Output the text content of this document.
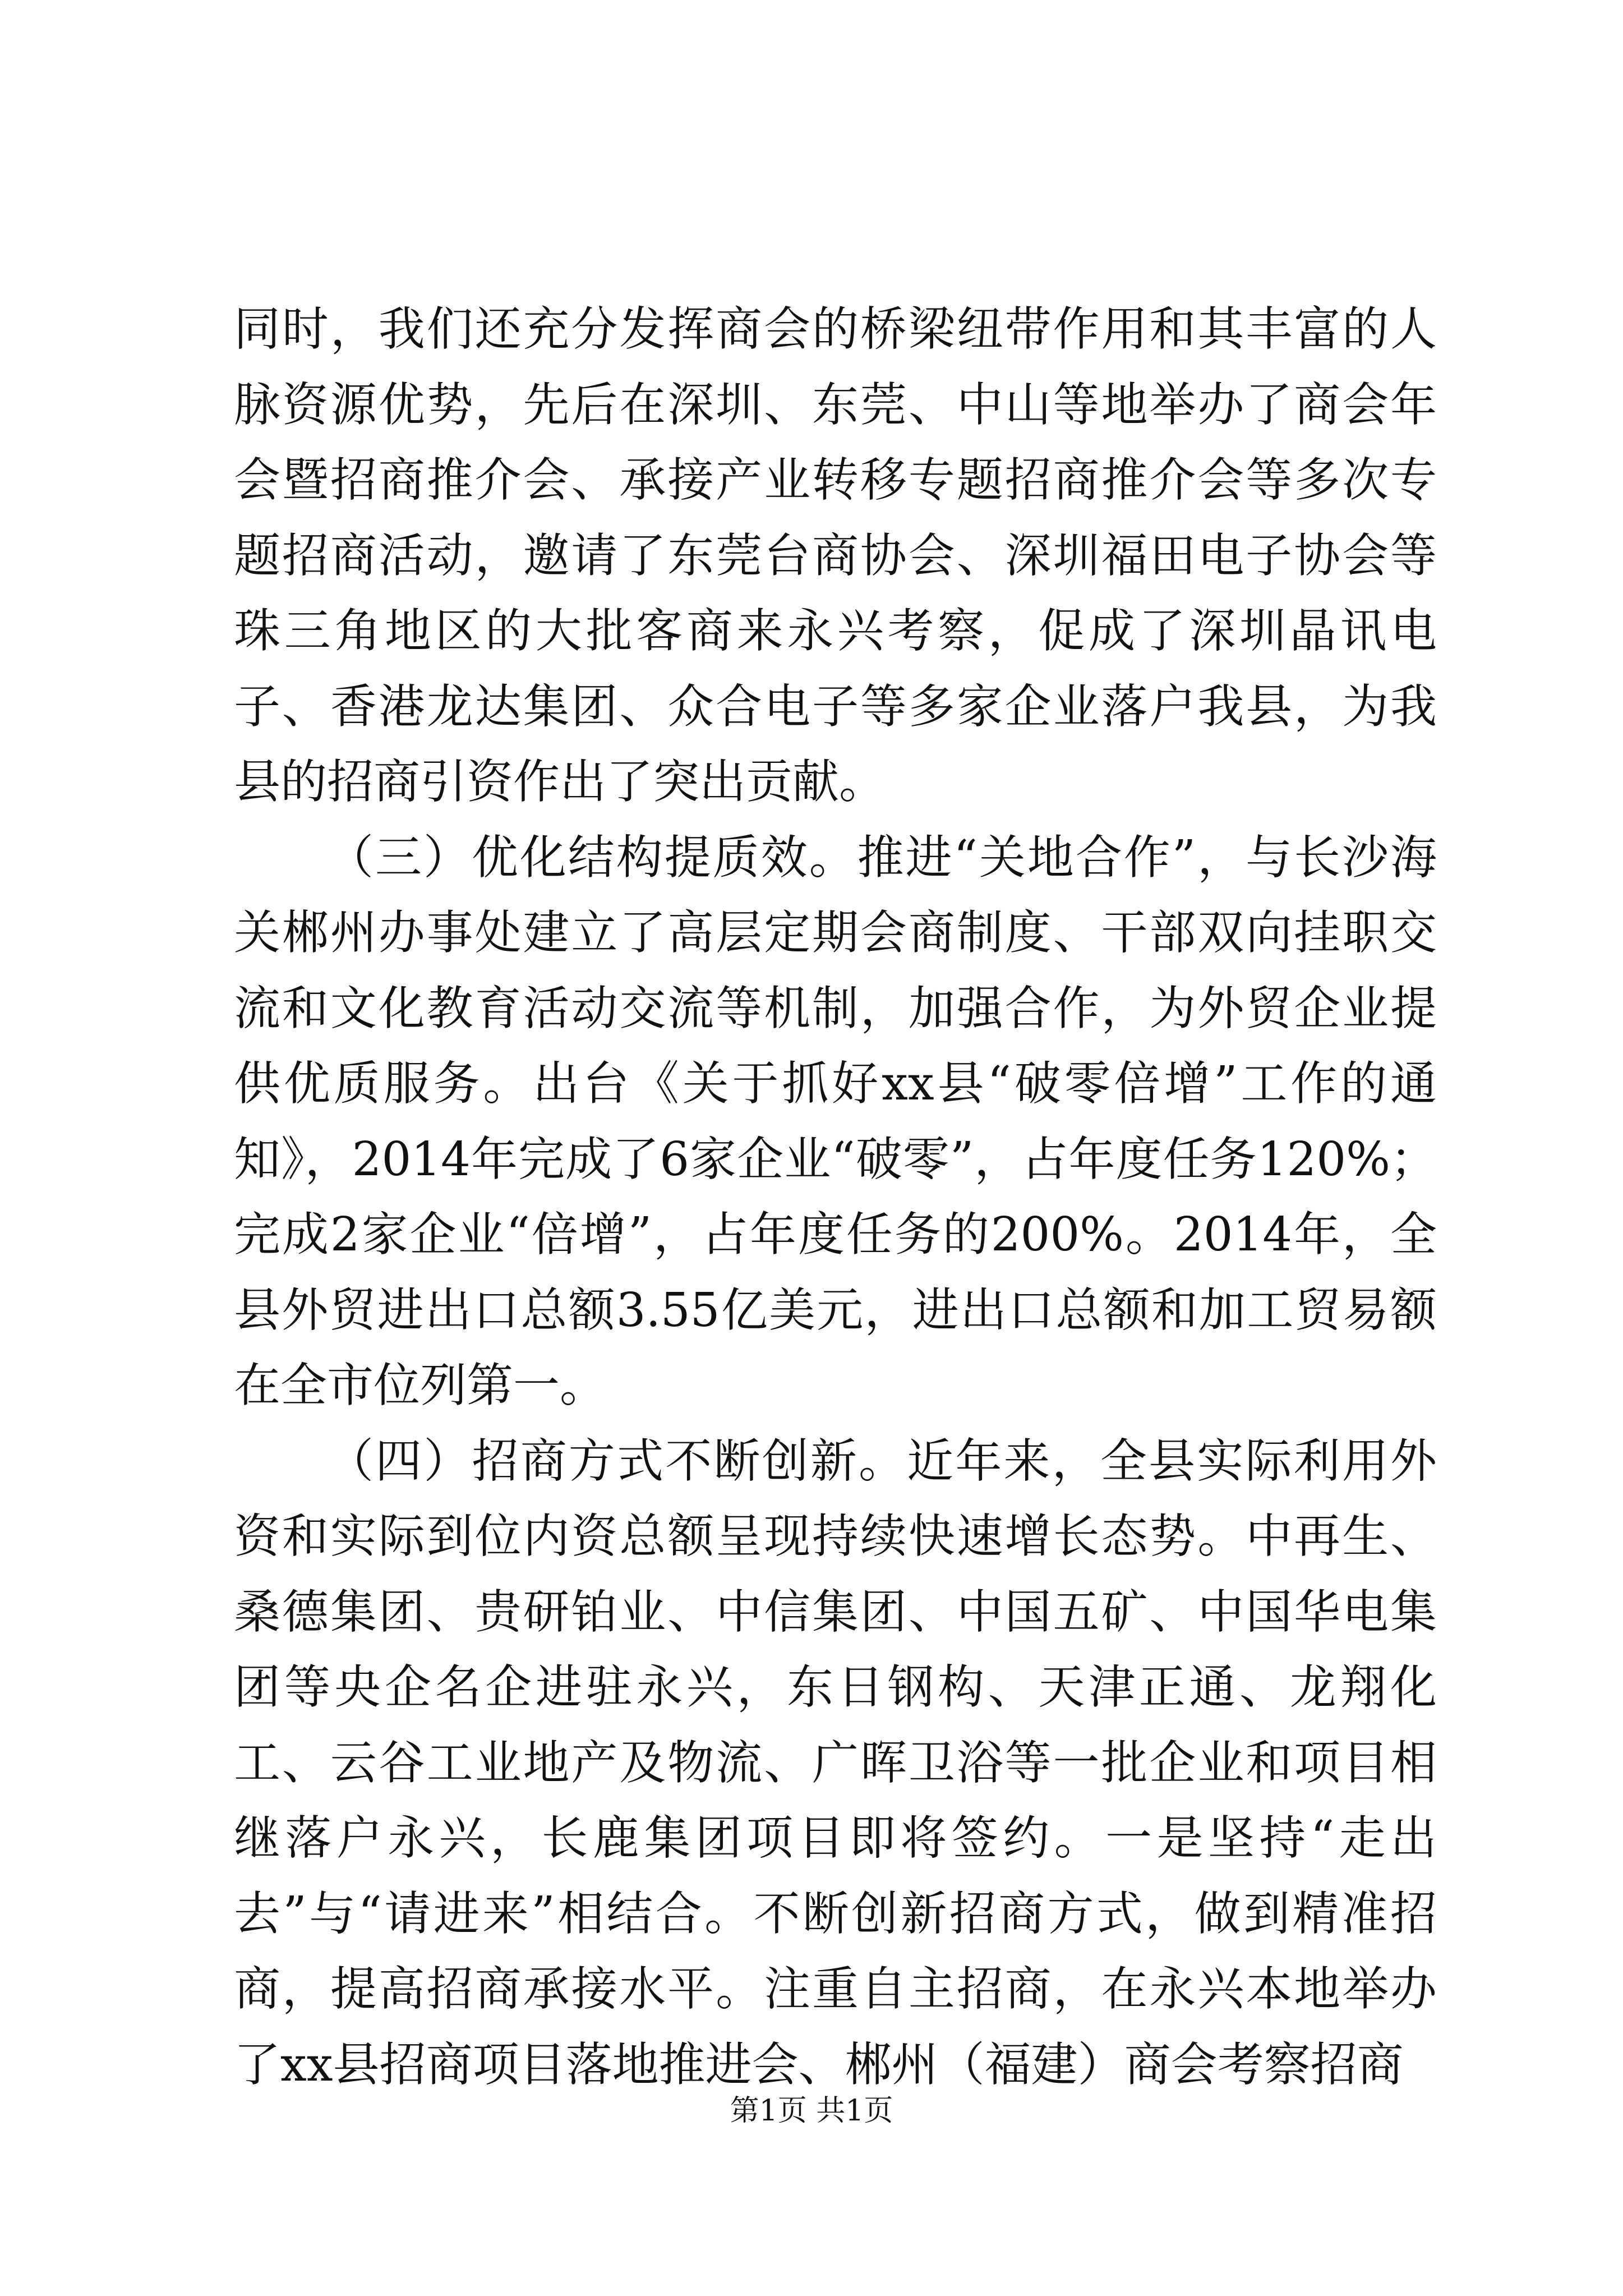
同时，我们还充分发挥商会的桥梁纽带作用和其丰富的人脉资源优势，先后在深圳、东莞、中山等地举办了商会年会暨招商推介会、承接产业转移专题招商推介会等多次专题招商活动，邀请了东莞台商协会、深圳福田电子协会等珠三角地区的大批客商来永兴考察，促成了深圳晶讯电子、香港龙达集团、众合电子等多家企业落户我县，为我县的招商引资作出了突出贡献。

（三）优化结构提质效。推进“关地合作”，与长沙海关郴州办事处建立了高层定期会商制度、干部双向挂职交流和文化教育活动交流等机制，加强合作，为外贸企业提供优质服务。出台《关于抓好xx县“破零倍增”工作的通知》，2014年完成了6家企业“破零”，占年度任务120%；完成2家企业“倍增”，占年度任务的200%。2014年，全县外贸进出口总额3.55亿美元，进出口总额和加工贸易额在全市位列第一。

（四）招商方式不断创新。近年来，全县实际利用外资和实际到位内资总额呈现持续快速增长态势。中再生、桑德集团、贵研铂业、中信集团、中国五矿、中国华电集团等央企名企进驻永兴，东日钢构、天津正通、龙翔化工、云谷工业地产及物流、广晖卫浴等一批企业和项目相继落户永兴，长鹿集团项目即将签约。一是坚持“走出去”与“请进来”相结合。不断创新招商方式，做到精准招商，提高招商承接水平。注重自主招商，在永兴本地举办了xx县招商项目落地推进会、郴州（福建）商会考察招商

第1页 共1页
